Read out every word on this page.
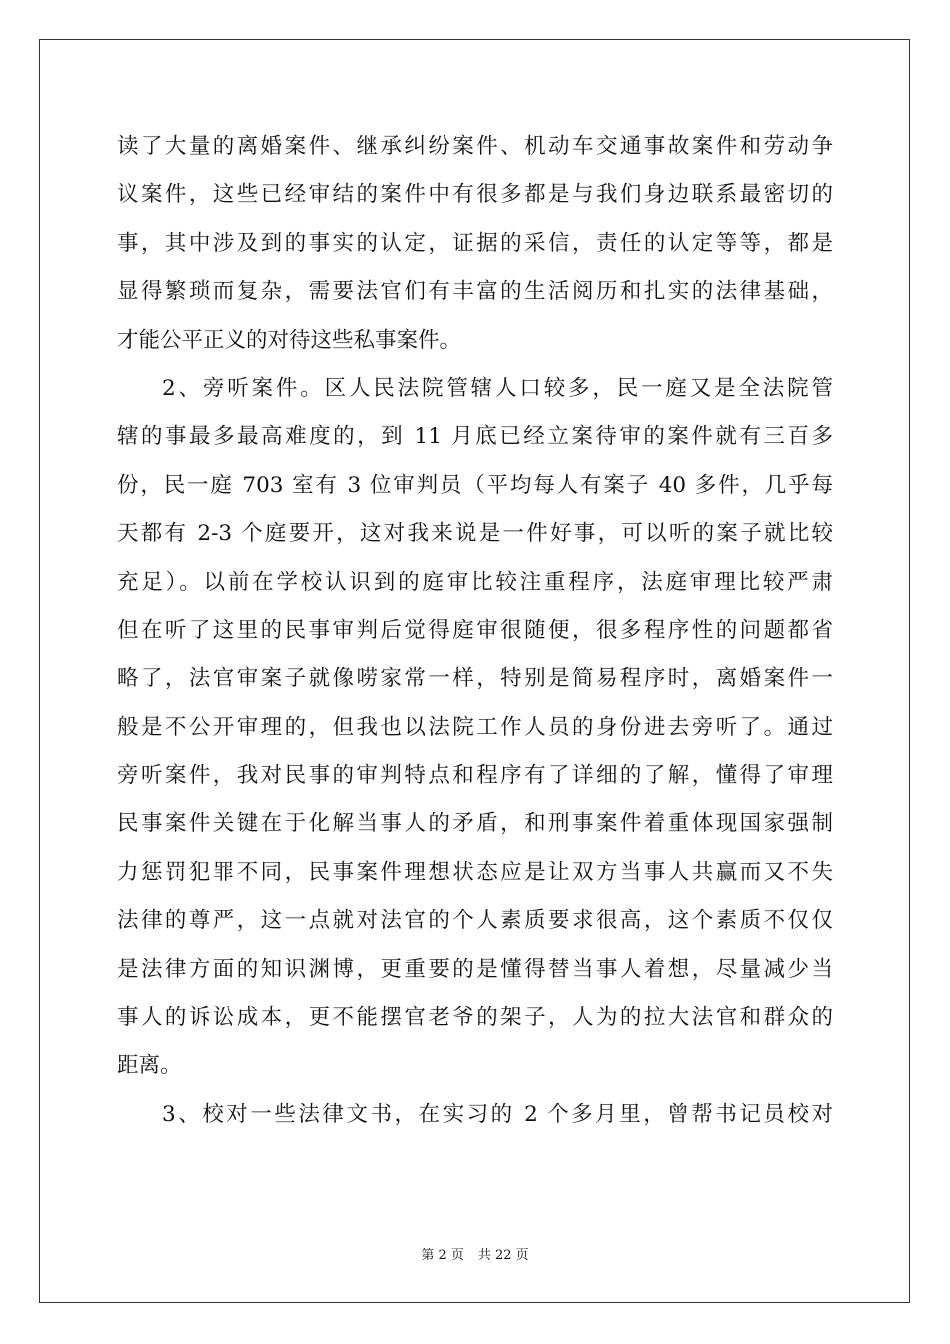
读了大量的离婚案件、继承纠纷案件、机动车交通事故案件和劳动争
议案件，这些已经审结的案件中有很多都是与我们身边联系最密切的
事，其中涉及到的事实的认定，证据的采信，责任的认定等等，都是
显得繁琐而复杂，需要法官们有丰富的生活阅历和扎实的法律基础，
才能公平正义的对待这些私事案件。
2、旁听案件。区人民法院管辖人口较多，民一庭又是全法院管
辖的事最多最高难度的，到 11 月底已经立案待审的案件就有三百多
份，民一庭 703 室有 3 位审判员（平均每人有案子 40 多件，几乎每
天都有 2-3 个庭要开，这对我来说是一件好事，可以听的案子就比较
充足）。以前在学校认识到的庭审比较注重程序，法庭审理比较严肃
但在听了这里的民事审判后觉得庭审很随便，很多程序性的问题都省
略了，法官审案子就像唠家常一样，特别是简易程序时，离婚案件一
般是不公开审理的，但我也以法院工作人员的身份进去旁听了。通过
旁听案件，我对民事的审判特点和程序有了详细的了解，懂得了审理
民事案件关键在于化解当事人的矛盾，和刑事案件着重体现国家强制
力惩罚犯罪不同，民事案件理想状态应是让双方当事人共赢而又不失
法律的尊严，这一点就对法官的个人素质要求很高，这个素质不仅仅
是法律方面的知识渊博，更重要的是懂得替当事人着想，尽量减少当
事人的诉讼成本，更不能摆官老爷的架子，人为的拉大法官和群众的
距离。
3、校对一些法律文书，在实习的 2 个多月里，曾帮书记员校对
第 2 页 共 22 页
